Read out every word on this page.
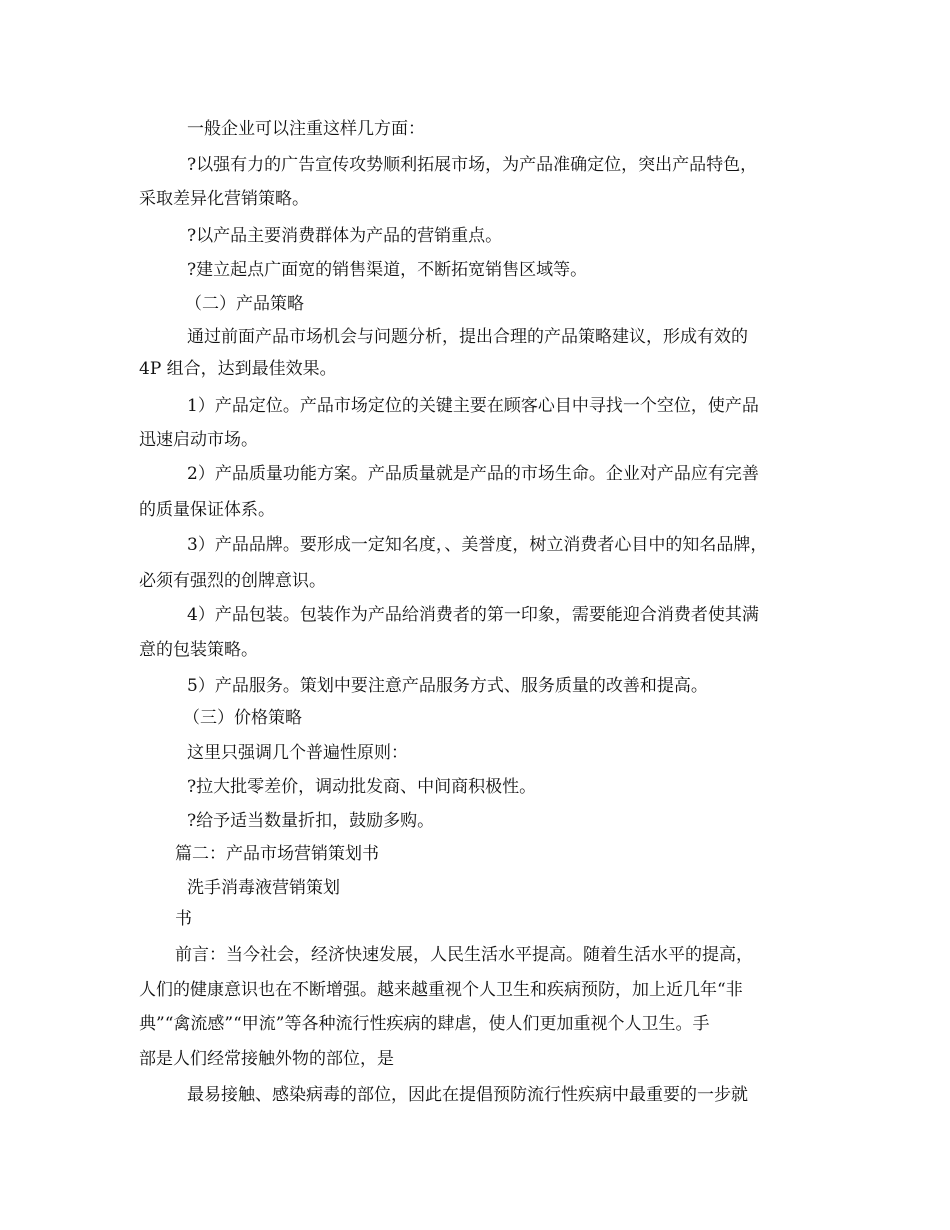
一般企业可以注重这样几方面：
?以强有力的广告宣传攻势顺利拓展市场，为产品准确定位，突出产品特色，
采取差异化营销策略。
?以产品主要消费群体为产品的营销重点。
?建立起点广面宽的销售渠道，不断拓宽销售区域等。
（二）产品策略
通过前面产品市场机会与问题分析，提出合理的产品策略建议，形成有效的
4P 组合，达到最佳效果。
1）产品定位。产品市场定位的关键主要在顾客心目中寻找一个空位，使产品
迅速启动市场。
2）产品质量功能方案。产品质量就是产品的市场生命。企业对产品应有完善
的质量保证体系。
3）产品品牌。要形成一定知名度，、美誉度，树立消费者心目中的知名品牌，
必须有强烈的创牌意识。
4）产品包装。包装作为产品给消费者的第一印象，需要能迎合消费者使其满
意的包装策略。
5）产品服务。策划中要注意产品服务方式、服务质量的改善和提高。
（三）价格策略
这里只强调几个普遍性原则：
?拉大批零差价，调动批发商、中间商积极性。
?给予适当数量折扣，鼓励多购。
篇二：产品市场营销策划书
洗手消毒液营销策划
书
前言：当今社会，经济快速发展，人民生活水平提高。随着生活水平的提高，
人们的健康意识也在不断增强。越来越重视个人卫生和疾病预防，加上近几年“非
典”“禽流感”“甲流”等各种流行性疾病的肆虐，使人们更加重视个人卫生。手
部是人们经常接触外物的部位，是
最易接触、感染病毒的部位，因此在提倡预防流行性疾病中最重要的一步就
